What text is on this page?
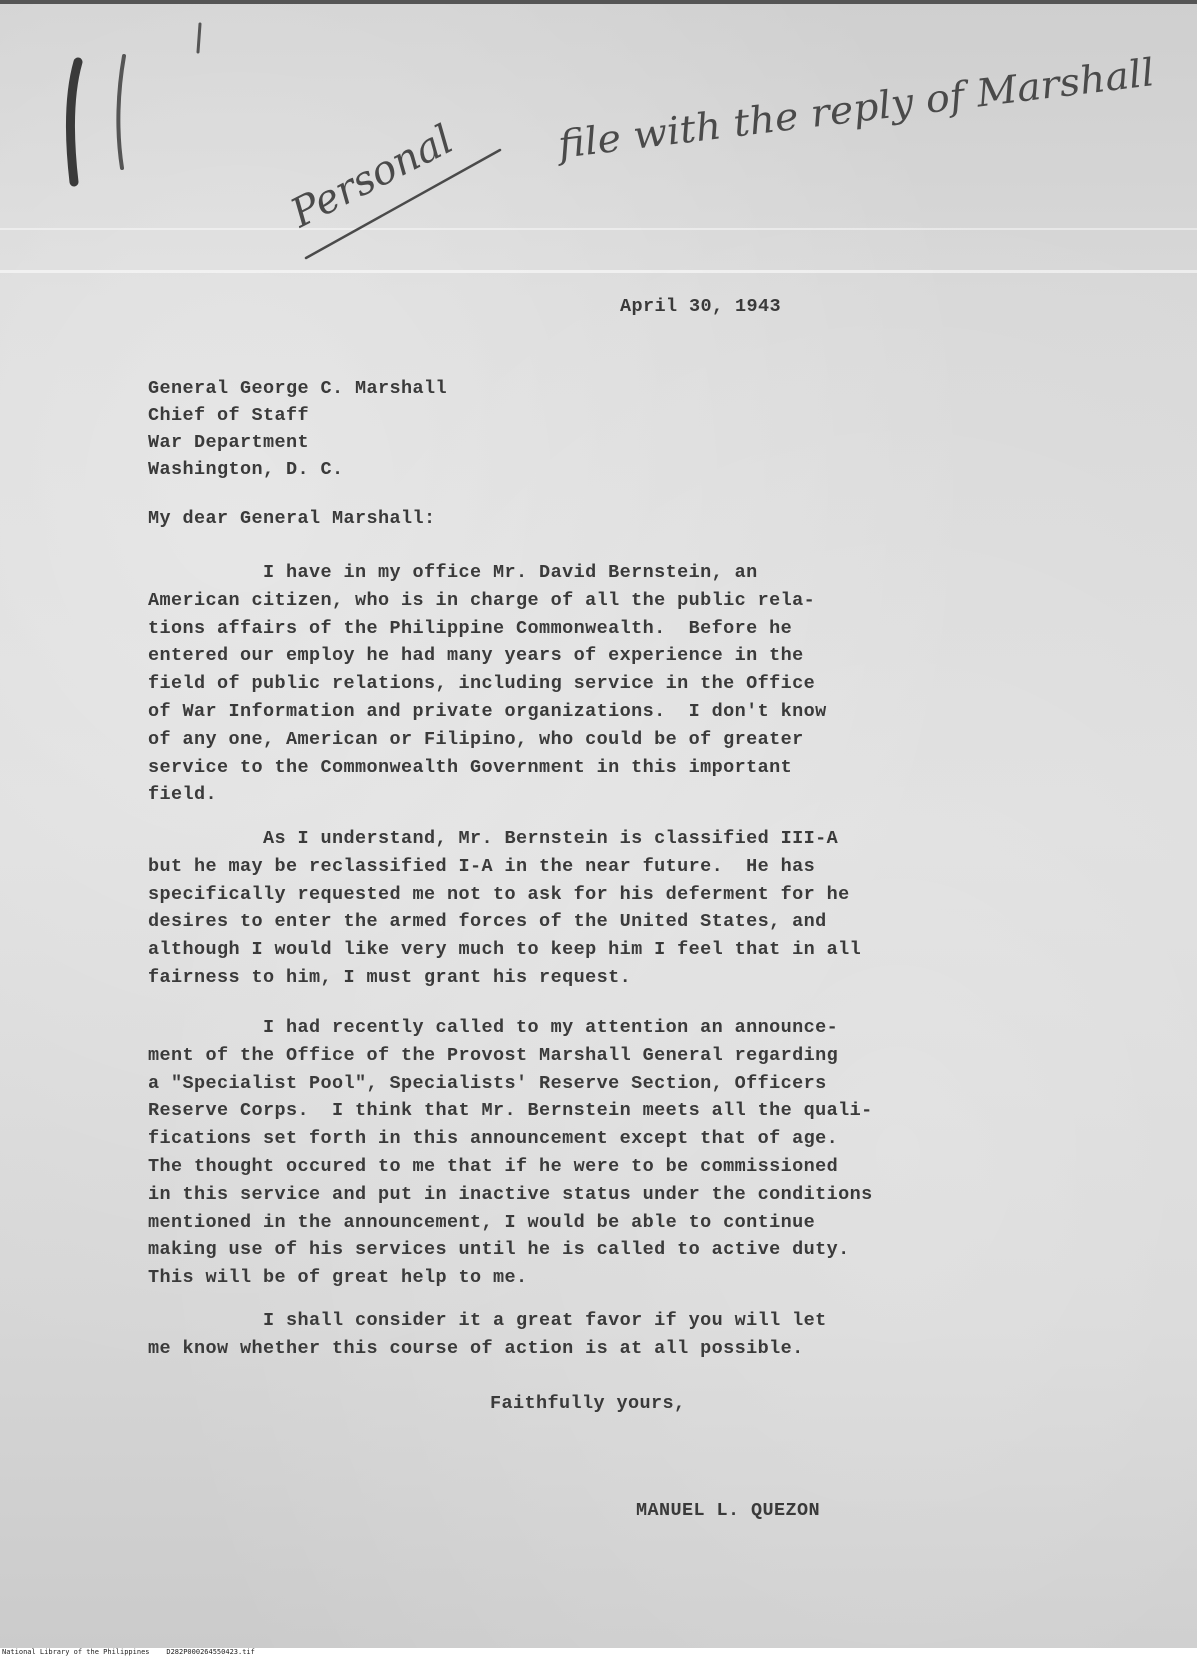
Personal
file with the reply of Marshall

April 30, 1943

General George C. Marshall

Chief of Staff

War Department

Washington, D. C.

My dear General Marshall:

I have in my office Mr. David Bernstein, an
American citizen, who is in charge of all the public rela-
tions affairs of the Philippine Commonwealth.  Before he
entered our employ he had many years of experience in the
field of public relations, including service in the Office
of War Information and private organizations.  I don't know
of any one, American or Filipino, who could be of greater
service to the Commonwealth Government in this important
field.
As I understand, Mr. Bernstein is classified III-A
but he may be reclassified I-A in the near future.  He has
specifically requested me not to ask for his deferment for he
desires to enter the armed forces of the United States, and
although I would like very much to keep him I feel that in all
fairness to him, I must grant his request.
I had recently called to my attention an announce-
ment of the Office of the Provost Marshall General regarding
a "Specialist Pool", Specialists' Reserve Section, Officers
Reserve Corps.  I think that Mr. Bernstein meets all the quali-
fications set forth in this announcement except that of age.
The thought occured to me that if he were to be commissioned
in this service and put in inactive status under the conditions
mentioned in the announcement, I would be able to continue
making use of his services until he is called to active duty.
This will be of great help to me.
I shall consider it a great favor if you will let
me know whether this course of action is at all possible.

Faithfully yours,

MANUEL L. QUEZON

National Library of the Philippines    D282P000264550423.tif
